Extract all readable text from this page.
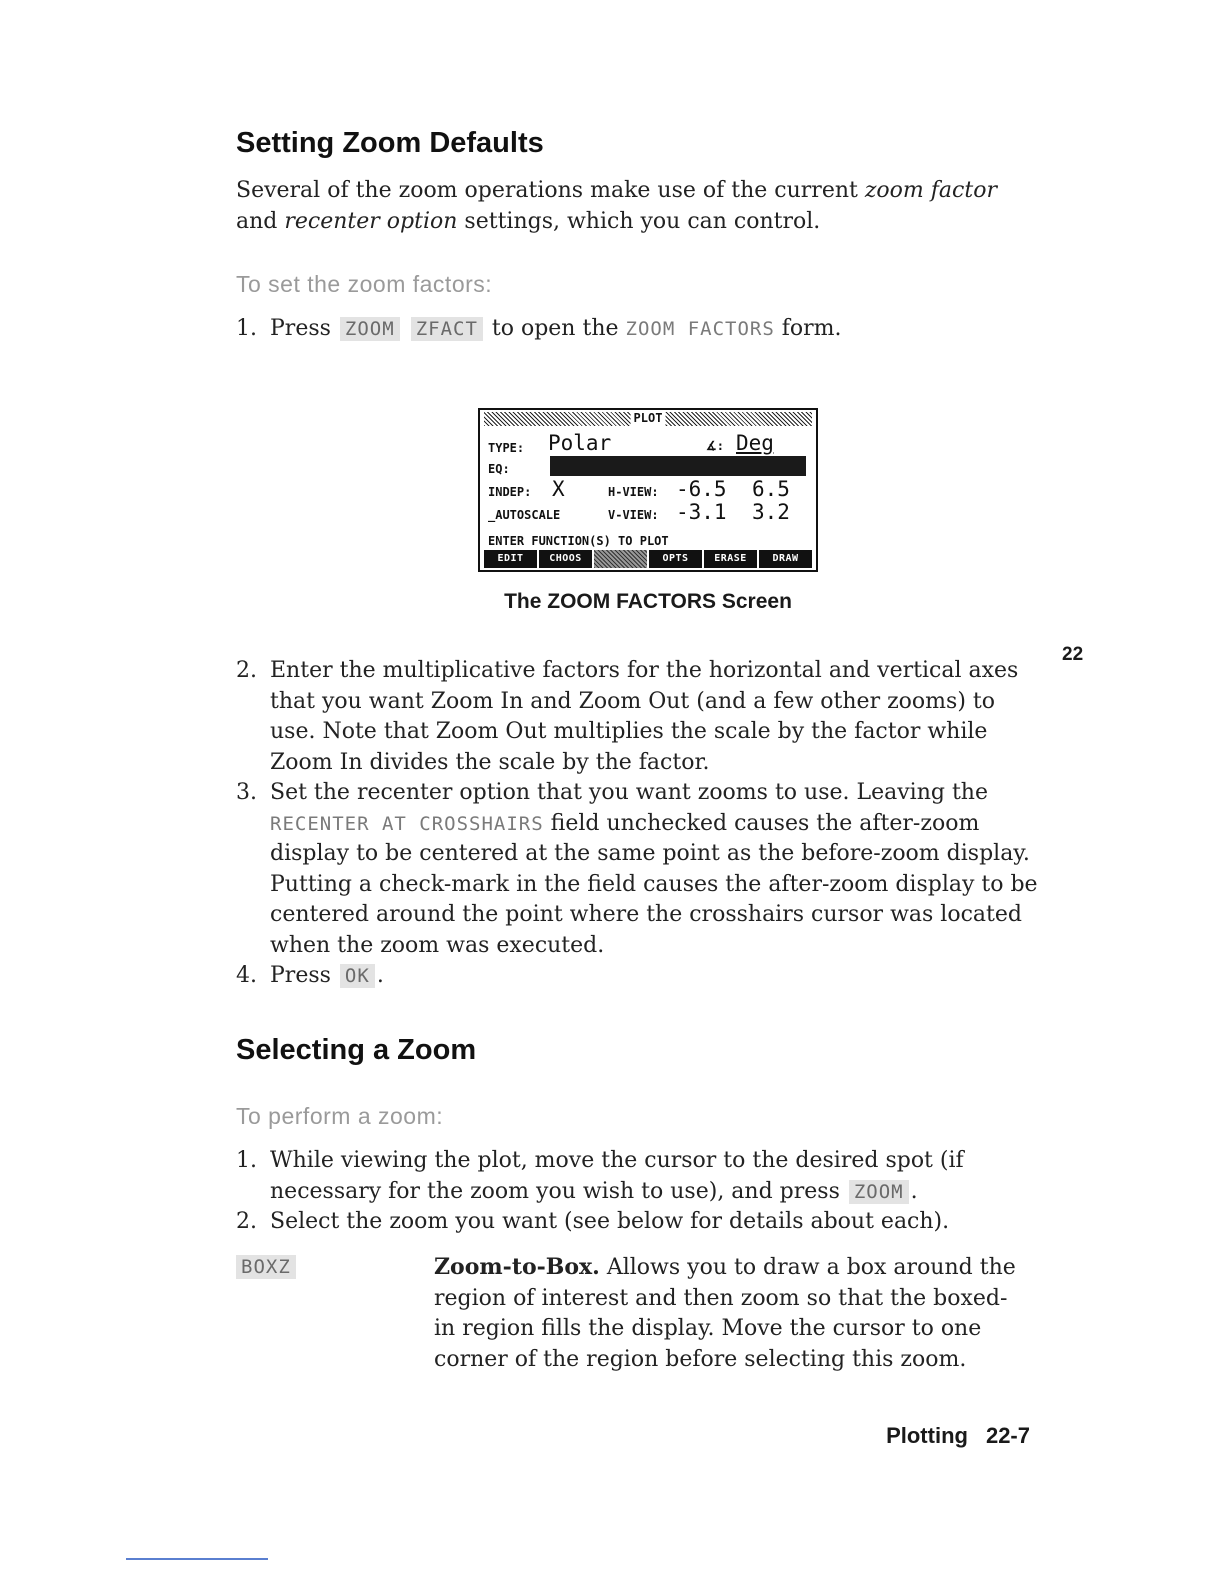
Setting Zoom Defaults
Several of the zoom operations make use of the current zoom factor and recenter option settings, which you can control.
To set the zoom factors:
1. Press ZOOM ZFACT to open the ZOOM FACTORS form.
PLOT
TYPE: Polar	∡: Deg
EQ:
INDEP: X	H-VIEW: -6.5 6.5
_AUTOSCALE	V-VIEW: -3.1 3.2
ENTER FUNCTION(S) TO PLOT
EDIT	CHOOS	OPTS	ERASE	DRAW
The ZOOM FACTORS Screen
22
2. Enter the multiplicative factors for the horizontal and vertical axes that you want Zoom In and Zoom Out (and a few other zooms) to use. Note that Zoom Out multiplies the scale by the factor while Zoom In divides the scale by the factor.
3. Set the recenter option that you want zooms to use. Leaving the RECENTER AT CROSSHAIRS field unchecked causes the after-zoom display to be centered at the same point as the before-zoom display. Putting a check-mark in the field causes the after-zoom display to be centered around the point where the crosshairs cursor was located when the zoom was executed.
4. Press OK .
Selecting a Zoom
To perform a zoom:
1. While viewing the plot, move the cursor to the desired spot (if necessary for the zoom you wish to use), and press ZOOM .
2. Select the zoom you want (see below for details about each).
BOXZ	Zoom-to-Box. Allows you to draw a box around the region of interest and then zoom so that the boxed-in region fills the display. Move the cursor to one corner of the region before selecting this zoom.
Plotting 22-7
